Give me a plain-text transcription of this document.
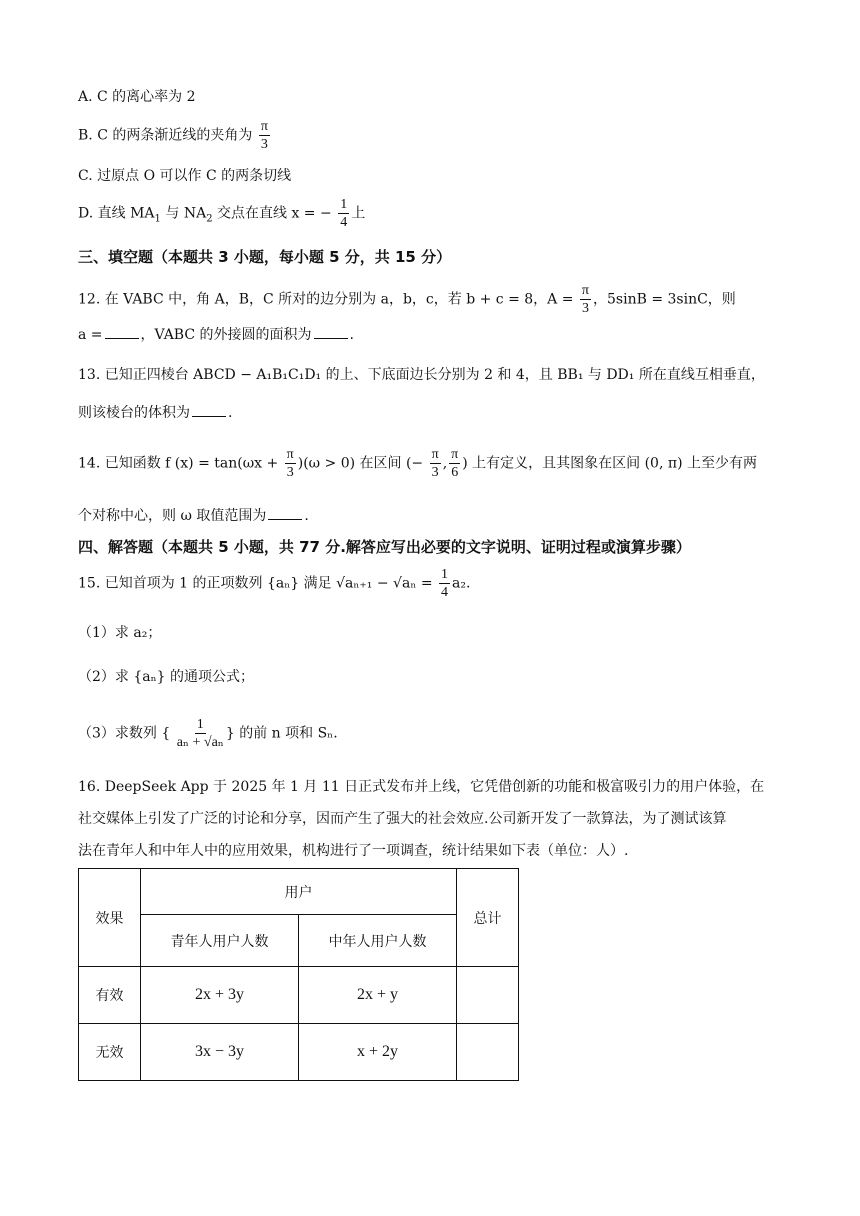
A. C 的离心率为 2
B. C 的两条渐近线的夹角为 $\frac{\pi}{3}$
C. 过原点 O 可以作 C 的两条切线
D. 直线 $MA_1$ 与 $NA_2$ 交点在直线 x = − $\frac{1}{4}$ 上
三、填空题（本题共 3 小题，每小题 5 分，共 15 分）
12. 在 VABC 中，角 A，B，C 所对的边分别为 a，b，c，若 b + c = 8，$A = \frac{\pi}{3}$ ，5sinB = 3sinC，则
a =	，VABC 的外接圆的面积为	.
13. 已知正四棱台 ABCD − A₁B₁C₁D₁ 的上、下底面边长分别为 2 和 4，且 BB₁ 与 DD₁ 所在直线互相垂直，
则该棱台的体积为	.
14. 已知函数 f $(x) = \tan(\omega x + \frac{\pi}{3} )(\omega > 0)$ 在区间 (− $\frac{\pi}{3}$ , $\frac{\pi}{6}$ ) 上有定义，且其图象在区间 (0, π) 上至少有两
个对称中心，则 ω 取值范围为	.
四、解答题（本题共 5 小题，共 77 分.解答应写出必要的文字说明、证明过程或演算步骤）
15. 已知首项为 1 的正项数列 {aₙ} 满足 $√a_{n+1} - √a_n = \frac{1}{4} a_2$.
（1）求 a₂；
（2）求 {aₙ} 的通项公式；
（3）求数列 { $\frac{1}{\text{aₙ + √aₙ}}$ } 的前 n 项和 Sₙ.
16. DeepSeek App 于 2025 年 1 月 11 日正式发布并上线，它凭借创新的功能和极富吸引力的用户体验，在
社交媒体上引发了广泛的讨论和分享，因而产生了强大的社会效应.公司新开发了一款算法，为了测试该算
法在青年人和中年人中的应用效果，机构进行了一项调查，统计结果如下表（单位：人）.
效果	用户		总计
	青年人用户人数	中年人用户人数	
有效	2x + 3y	2x + y	
无效	3x − 3y	x + 2y	
